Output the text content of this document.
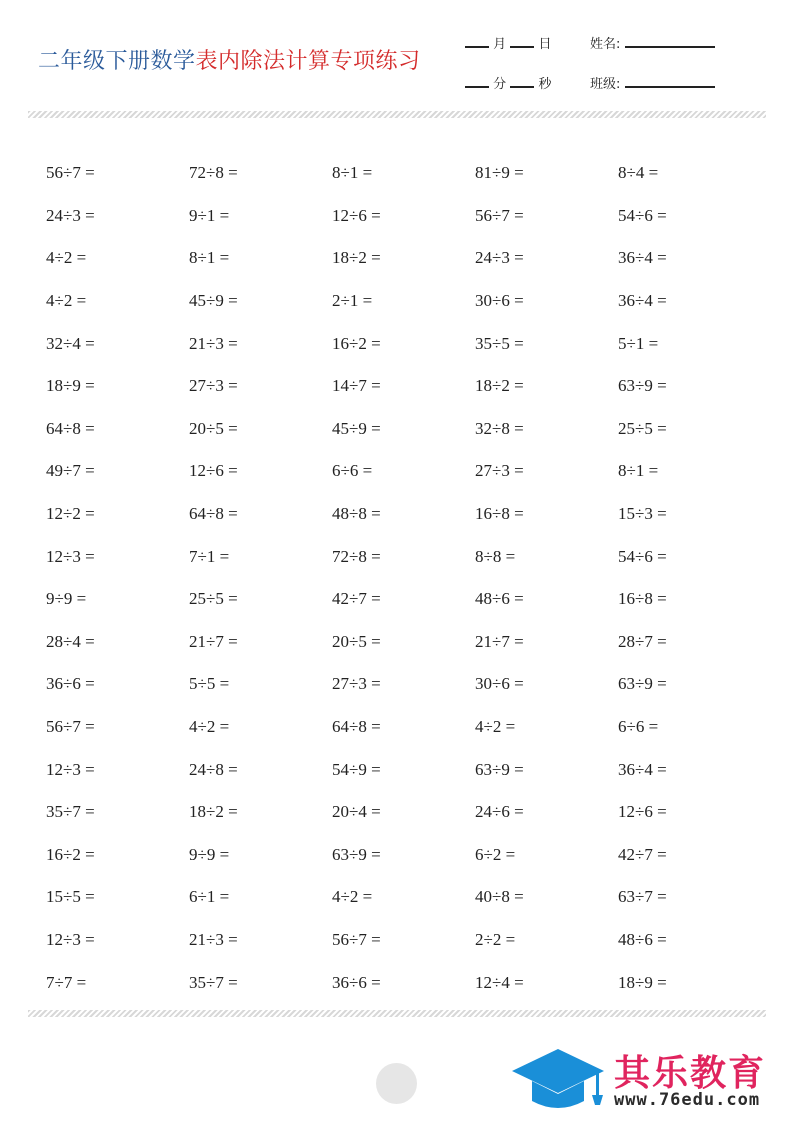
二年级下册数学表内除法计算专项练习
月 日
分 秒
姓名:
班级:
56÷7 =	72÷8 =	8÷1 =	81÷9 =	8÷4 =
24÷3 =	9÷1 =	12÷6 =	56÷7 =	54÷6 =
4÷2 =	8÷1 =	18÷2 =	24÷3 =	36÷4 =
4÷2 =	45÷9 =	2÷1 =	30÷6 =	36÷4 =
32÷4 =	21÷3 =	16÷2 =	35÷5 =	5÷1 =
18÷9 =	27÷3 =	14÷7 =	18÷2 =	63÷9 =
64÷8 =	20÷5 =	45÷9 =	32÷8 =	25÷5 =
49÷7 =	12÷6 =	6÷6 =	27÷3 =	8÷1 =
12÷2 =	64÷8 =	48÷8 =	16÷8 =	15÷3 =
12÷3 =	7÷1 =	72÷8 =	8÷8 =	54÷6 =
9÷9 =	25÷5 =	42÷7 =	48÷6 =	16÷8 =
28÷4 =	21÷7 =	20÷5 =	21÷7 =	28÷7 =
36÷6 =	5÷5 =	27÷3 =	30÷6 =	63÷9 =
56÷7 =	4÷2 =	64÷8 =	4÷2 =	6÷6 =
12÷3 =	24÷8 =	54÷9 =	63÷9 =	36÷4 =
35÷7 =	18÷2 =	20÷4 =	24÷6 =	12÷6 =
16÷2 =	9÷9 =	63÷9 =	6÷2 =	42÷7 =
15÷5 =	6÷1 =	4÷2 =	40÷8 =	63÷7 =
12÷3 =	21÷3 =	56÷7 =	2÷2 =	48÷6 =
7÷7 =	35÷7 =	36÷6 =	12÷4 =	18÷9 =
其乐教育
www.76edu.com
